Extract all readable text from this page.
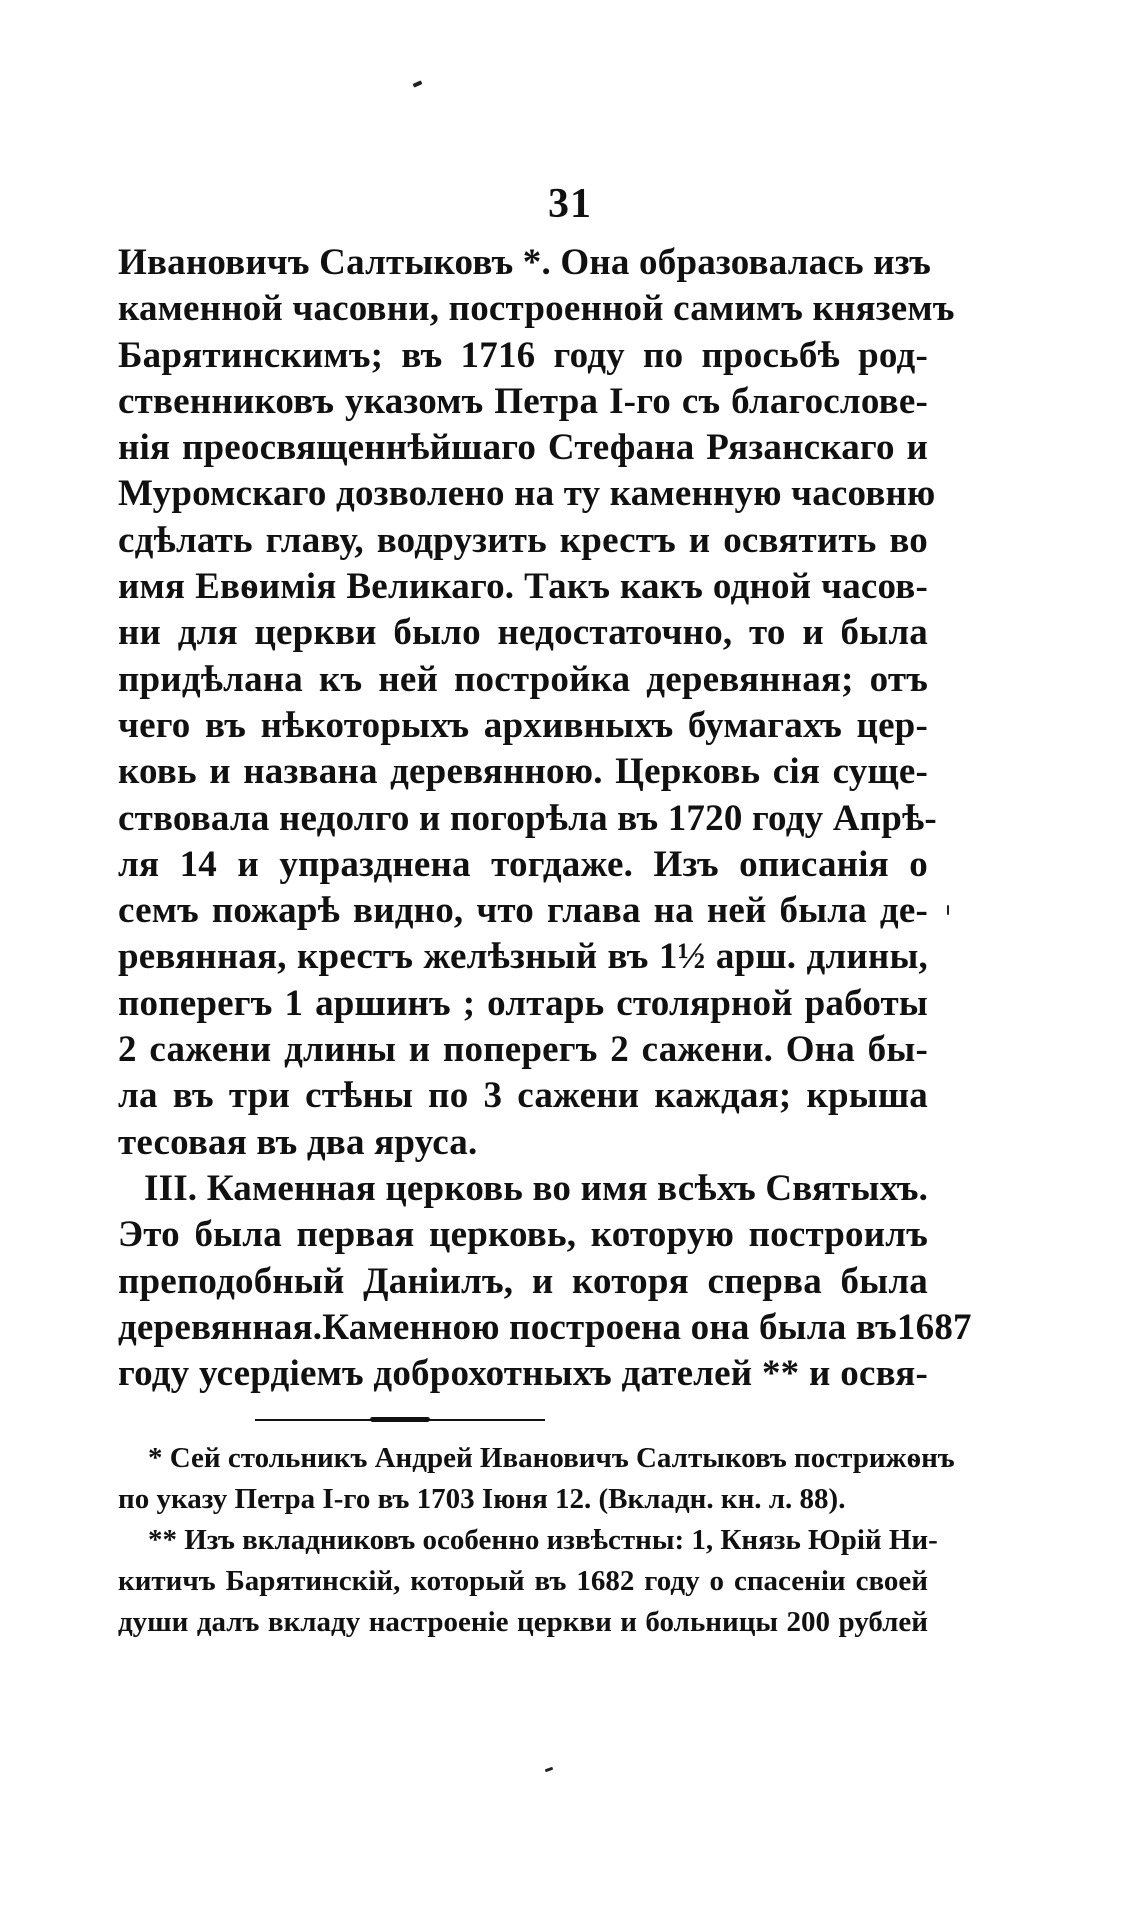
31
Ивановичъ Салтыковъ *. Она образовалась изъ
каменной часовни, построенной самимъ княземъ
Барятинскимъ; въ 1716 году по просьбѣ род-
ственниковъ указомъ Петра I-го съ благослове-
нія преосвященнѣйшаго Стефана Рязанскаго и
Муромскаго дозволено на ту каменную часовню
сдѣлать главу, водрузить крестъ и освятить во
имя Евѳимія Великаго. Такъ какъ одной часов-
ни для церкви было недостаточно, то и была
придѣлана къ ней постройка деревянная; отъ
чего въ нѣкоторыхъ архивныхъ бумагахъ цер-
ковь и названа деревянною. Церковь сія суще-
ствовала недолго и погорѣла въ 1720 году Апрѣ-
ля 14 и упразднена тогдаже. Изъ описанія о
семъ пожарѣ видно, что глава на ней была де-
ревянная, крестъ желѣзный въ 1½ арш. длины,
поперегъ 1 аршинъ ; олтарь столярной работы
2 сажени длины и поперегъ 2 сажени. Она бы-
ла въ три стѣны по 3 сажени каждая; крыша
тесовая въ два яруса.
III. Каменная церковь во имя всѣхъ Святыхъ.
Это была первая церковь, которую построилъ
преподобный Даніилъ, и которя сперва была
деревянная.Каменною построена она была въ1687
году усердіемъ доброхотныхъ дателей ** и освя-
* Сей стольникъ Андрей Ивановичъ Салтыковъ пострижѳнъ
по указу Петра I-го въ 1703 Іюня 12. (Вкладн. кн. л. 88).
** Изъ вкладниковъ особенно извѣстны: 1, Князь Юрій Ни-
китичъ Барятинскій, который въ 1682 году о спасеніи своей
души далъ вкладу настроеніе церкви и больницы 200 рублей
